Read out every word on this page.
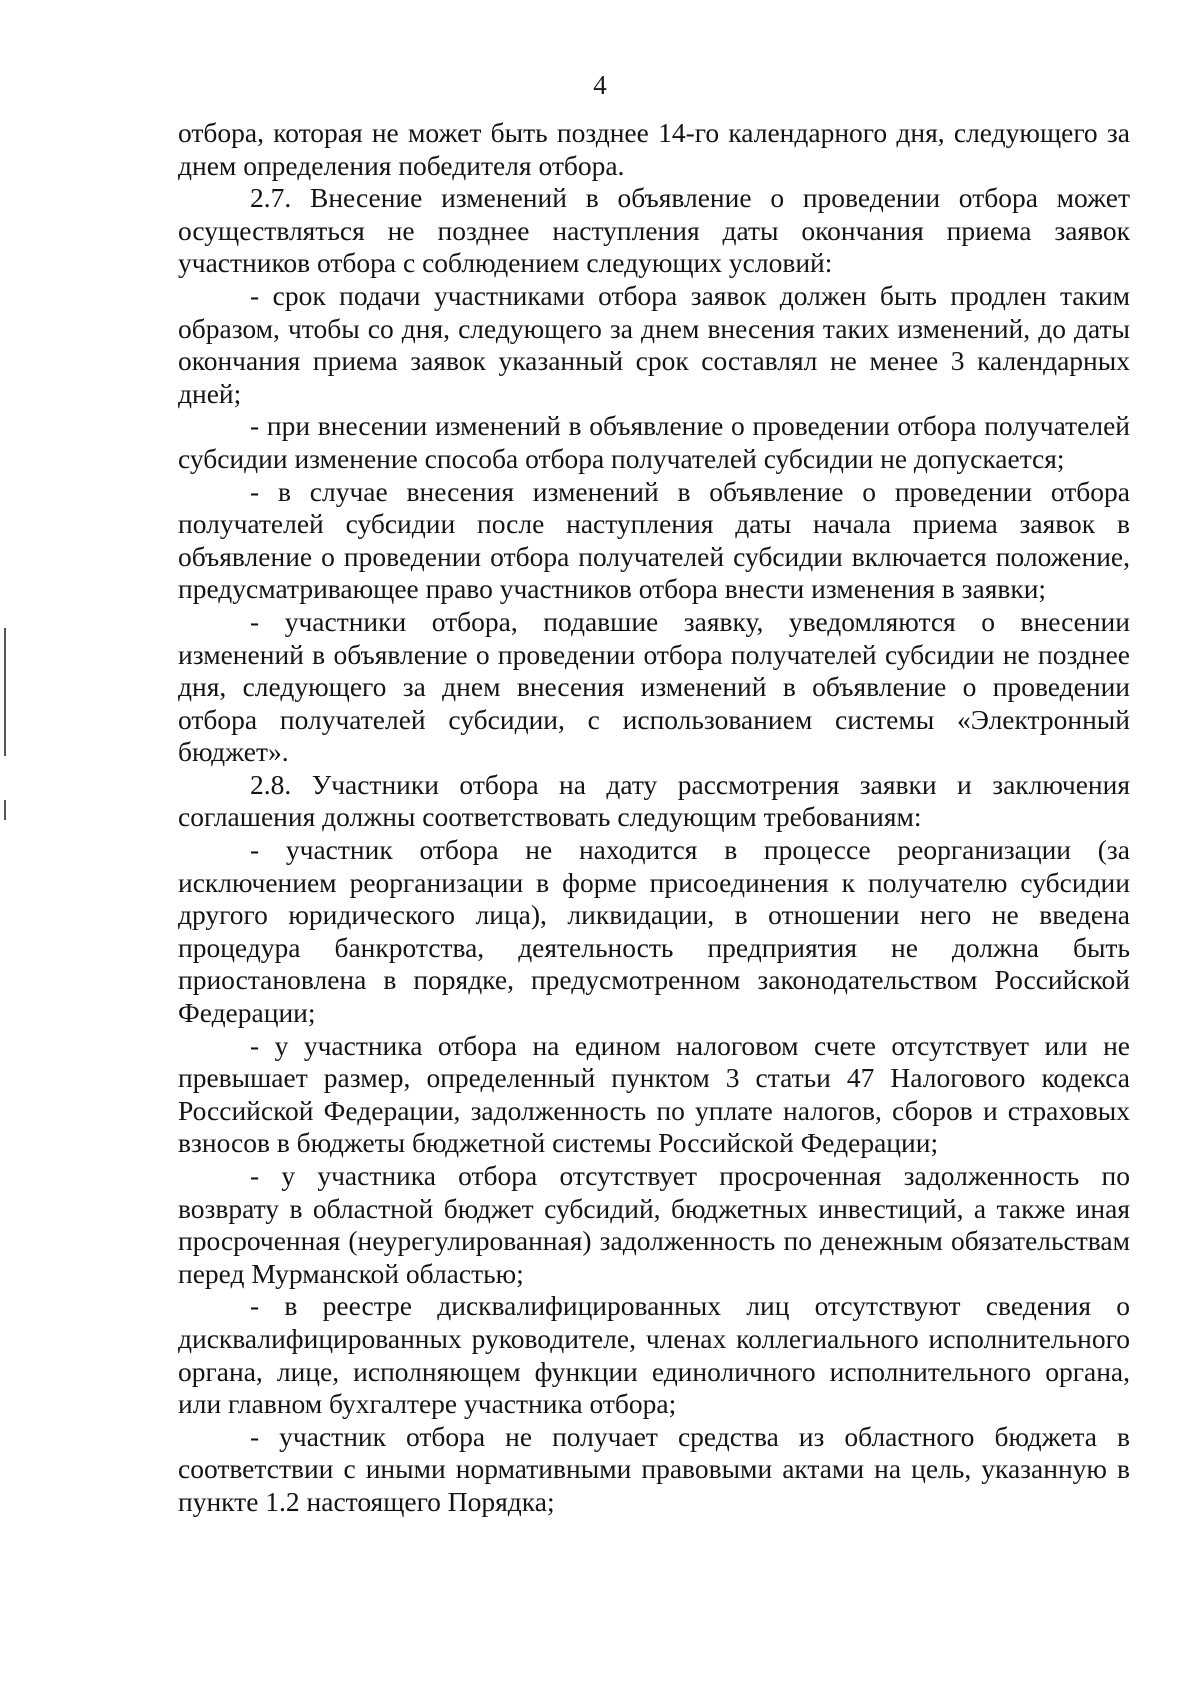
4

отбора, которая не может быть позднее 14-го календарного дня, следующего за днем определения победителя отбора.

2.7. Внесение изменений в объявление о проведении отбора может осуществляться не позднее наступления даты окончания приема заявок участников отбора с соблюдением следующих условий:

- срок подачи участниками отбора заявок должен быть продлен таким образом, чтобы со дня, следующего за днем внесения таких изменений, до даты окончания приема заявок указанный срок составлял не менее 3 календарных дней;

- при внесении изменений в объявление о проведении отбора получателей субсидии изменение способа отбора получателей субсидии не допускается;

- в случае внесения изменений в объявление о проведении отбора получателей субсидии после наступления даты начала приема заявок в объявление о проведении отбора получателей субсидии включается положение, предусматривающее право участников отбора внести изменения в заявки;

- участники отбора, подавшие заявку, уведомляются о внесении изменений в объявление о проведении отбора получателей субсидии не позднее дня, следующего за днем внесения изменений в объявление о проведении отбора получателей субсидии, с использованием системы «Электронный бюджет».

2.8. Участники отбора на дату рассмотрения заявки и заключения соглашения должны соответствовать следующим требованиям:

- участник отбора не находится в процессе реорганизации (за исключением реорганизации в форме присоединения к получателю субсидии другого юридического лица), ликвидации, в отношении него не введена процедура банкротства, деятельность предприятия не должна быть приостановлена в порядке, предусмотренном законодательством Российской Федерации;

- у участника отбора на едином налоговом счете отсутствует или не превышает размер, определенный пунктом 3 статьи 47 Налогового кодекса Российской Федерации, задолженность по уплате налогов, сборов и страховых взносов в бюджеты бюджетной системы Российской Федерации;

- у участника отбора отсутствует просроченная задолженность по возврату в областной бюджет субсидий, бюджетных инвестиций, а также иная просроченная (неурегулированная) задолженность по денежным обязательствам перед Мурманской областью;

- в реестре дисквалифицированных лиц отсутствуют сведения о дисквалифицированных руководителе, членах коллегиального исполнительного органа, лице, исполняющем функции единоличного исполнительного органа, или главном бухгалтере участника отбора;

- участник отбора не получает средства из областного бюджета в соответствии с иными нормативными правовыми актами на цель, указанную в пункте 1.2 настоящего Порядка;
